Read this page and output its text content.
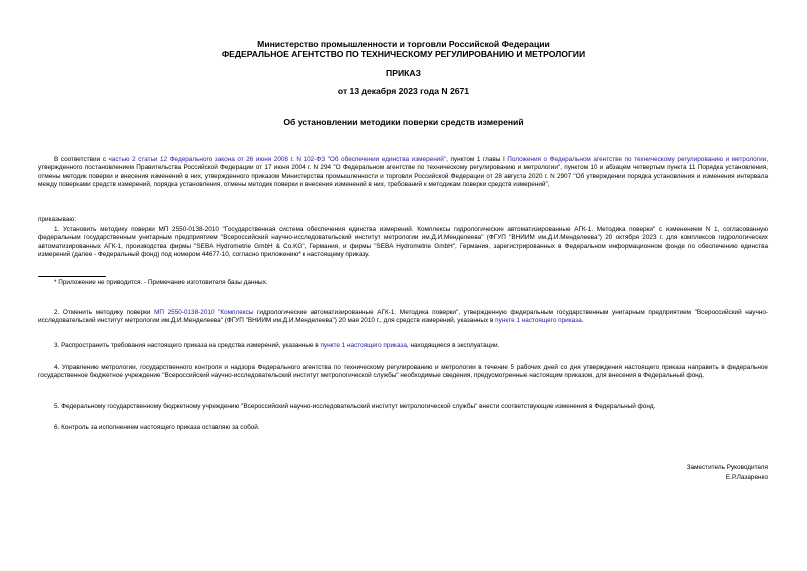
Министерство промышленности и торговли Российской Федерации
ФЕДЕРАЛЬНОЕ АГЕНТСТВО ПО ТЕХНИЧЕСКОМУ РЕГУЛИРОВАНИЮ И МЕТРОЛОГИИ
ПРИКАЗ
от 13 декабря 2023 года N 2671
Об установлении методики поверки средств измерений

В соответствии с частью 2 статьи 12 Федерального закона от 26 июня 2008 г. N 102-ФЗ "Об обеспечении единства измерений", пунктом 1 главы I Положения о Федеральном агентстве по техническому регулированию и метрологии, утвержденного постановлением Правительства Российской Федерации от 17 июня 2004 г. N 294 "О Федеральном агентстве по техническому регулированию и метрологии", пунктом 10 и абзацем четвертым пункта 11 Порядка установления, отмены методик поверки и внесения изменений в них, утвержденного приказом Министерства промышленности и торговли Российской Федерации от 28 августа 2020 г. N 2907 "Об утверждении порядка установления и изменения интервала между поверками средств измерений, порядка установления, отмены методик поверки и внесения изменений в них, требований к методикам поверки средств измерений",

приказываю:

1. Установить методику поверки МП 2550-0138-2010 "Государственная система обеспечения единства измерений. Комплексы гидрологические автоматизированные АГК-1. Методика поверки" с изменением N 1, согласованную федеральным государственным унитарным предприятием "Всероссийский научно-исследовательский институт метрологии им.Д.И.Менделеева" (ФГУП "ВНИИМ им.Д.И.Менделеева") 20 октября 2023 г. для комплексов гидрологических автоматизированных АГК-1, производства фирмы "SEBA Hydrometrie GmbH & Co.KG", Германия, и фирмы "SEBA Hydrometrie GmbH", Германия, зарегистрированных в Федеральном информационном фонде по обеспечению единства измерений (далее - Федеральный фонд) под номером 44677-10, согласно приложению* к настоящему приказу.

* Приложение не приводится. - Примечание изготовителя базы данных.

2. Отменить методику поверки МП 2550-0138-2010 "Комплексы гидрологические автоматизированные АГК-1. Методика поверки", утвержденную федеральным государственным унитарным предприятием "Всероссийский научно-исследовательский институт метрологии им.Д.И.Менделеева" (ФГУП "ВНИИМ им.Д.И.Менделеева") 20 мая 2010 г., для средств измерений, указанных в пункте 1 настоящего приказа.

3. Распространить требования настоящего приказа на средства измерений, указанные в пункте 1 настоящего приказа, находящиеся в эксплуатации.

4. Управлению метрологии, государственного контроля и надзора Федерального агентства по техническому регулированию и метрологии в течение 5 рабочих дней со дня утверждения настоящего приказа направить в федеральное государственное бюджетное учреждение "Всероссийский научно-исследовательский институт метрологической службы" необходимые сведения, предусмотренные настоящим приказом, для внесения в Федеральный фонд.

5. Федеральному государственному бюджетному учреждению "Всероссийский научно-исследовательский институт метрологической службы" внести соответствующие изменения в Федеральный фонд.

6. Контроль за исполнением настоящего приказа оставляю за собой.

Заместитель Руководителя
Е.Р.Лазаренко
